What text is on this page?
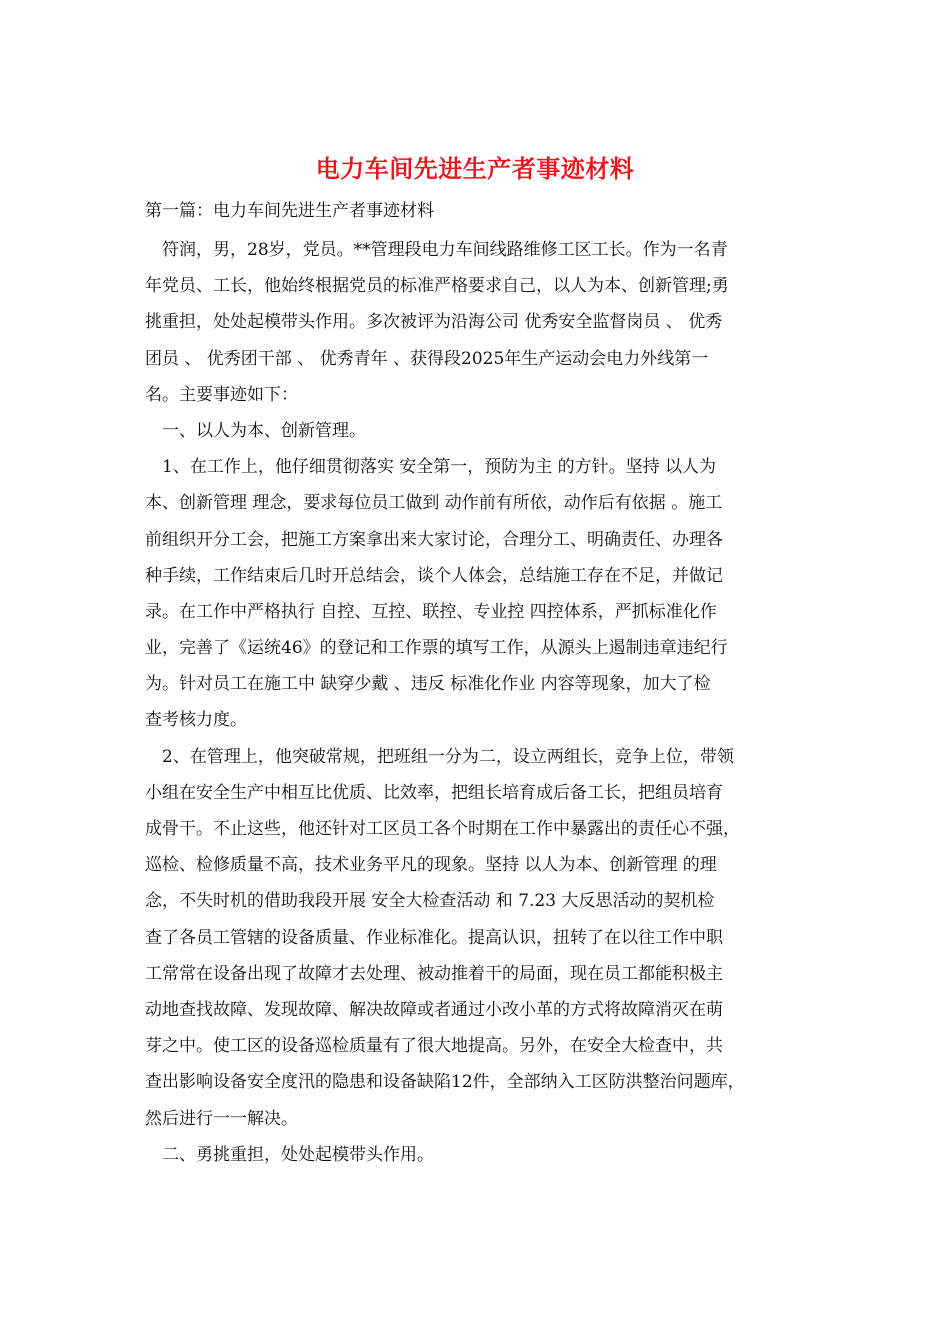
电力车间先进生产者事迹材料

第一篇：电力车间先进生产者事迹材料

　符润，男，28岁，党员。**管理段电力车间线路维修工区工长。作为一名青

年党员、工长，他始终根据党员的标准严格要求自己，以人为本、创新管理;勇

挑重担，处处起模带头作用。多次被评为沿海公司 优秀安全监督岗员 、 优秀

团员 、 优秀团干部 、 优秀青年 、获得段2025年生产运动会电力外线第一

名。主要事迹如下：

　一、以人为本、创新管理。

　1、在工作上，他仔细贯彻落实 安全第一，预防为主 的方针。坚持 以人为

本、创新管理 理念，要求每位员工做到 动作前有所依，动作后有依据 。施工

前组织开分工会，把施工方案拿出来大家讨论，合理分工、明确责任、办理各

种手续，工作结束后几时开总结会，谈个人体会，总结施工存在不足，并做记

录。在工作中严格执行 自控、互控、联控、专业控 四控体系，严抓标准化作

业，完善了《运统46》的登记和工作票的填写工作，从源头上遏制违章违纪行

为。针对员工在施工中 缺穿少戴 、违反 标准化作业 内容等现象，加大了检

查考核力度。

　2、在管理上，他突破常规，把班组一分为二，设立两组长，竞争上位，带领

小组在安全生产中相互比优质、比效率，把组长培育成后备工长，把组员培育

成骨干。不止这些，他还针对工区员工各个时期在工作中暴露出的责任心不强，

巡检、检修质量不高，技术业务平凡的现象。坚持 以人为本、创新管理 的理

念，不失时机的借助我段开展 安全大检查活动 和 7.23 大反思活动的契机检

查了各员工管辖的设备质量、作业标准化。提高认识，扭转了在以往工作中职

工常常在设备出现了故障才去处理、被动推着干的局面，现在员工都能积极主

动地查找故障、发现故障、解决故障或者通过小改小革的方式将故障消灭在萌

芽之中。使工区的设备巡检质量有了很大地提高。另外，在安全大检查中，共

查出影响设备安全度汛的隐患和设备缺陷12件，全部纳入工区防洪整治问题库，

然后进行一一解决。

　二、勇挑重担，处处起模带头作用。
